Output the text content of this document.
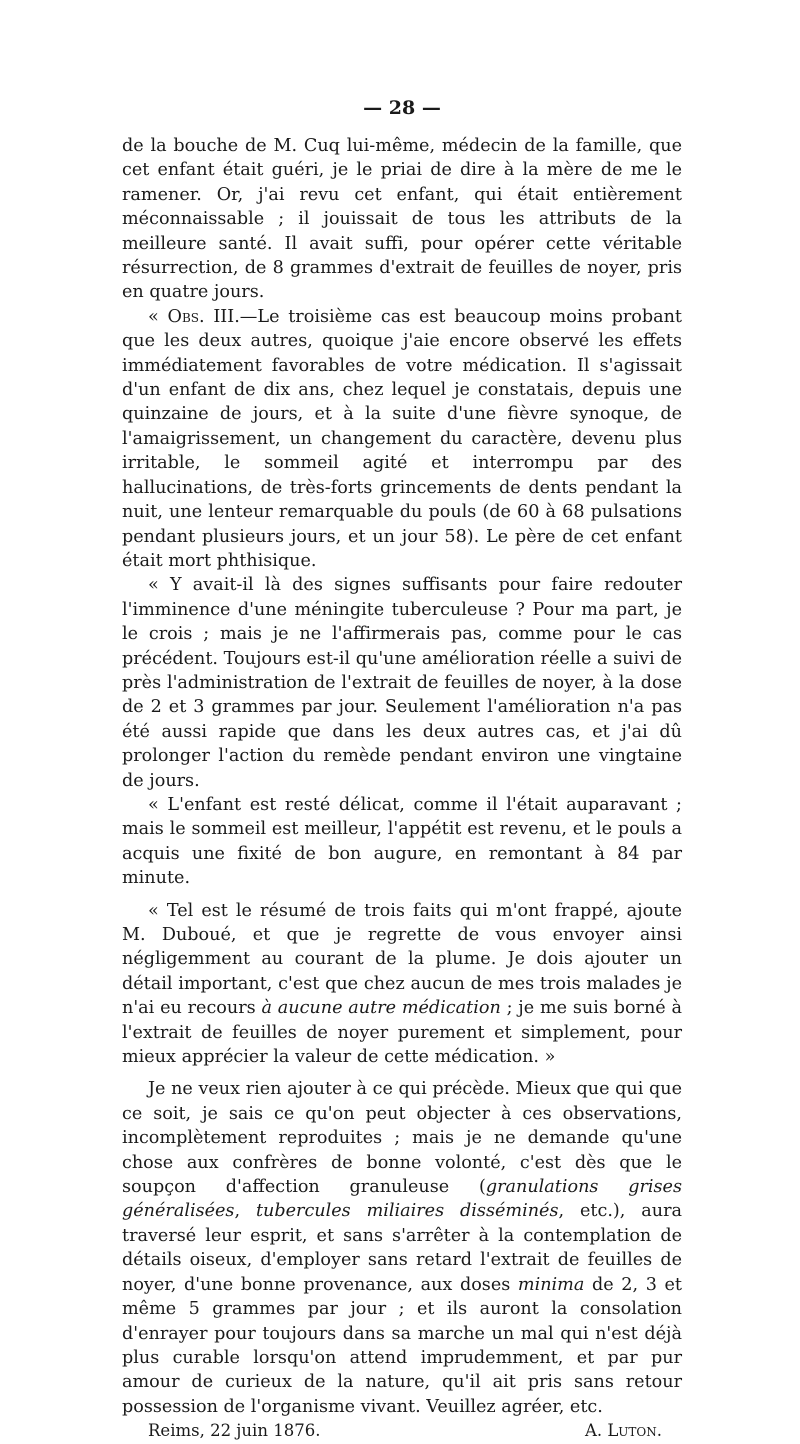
— 28 —

de la bouche de M. Cuq lui-même, médecin de la famille, que cet enfant était guéri, je le priai de dire à la mère de me le ramener. Or, j'ai revu cet enfant, qui était entièrement méconnaissable ; il jouissait de tous les attributs de la meilleure santé. Il avait suffi, pour opérer cette véritable résurrection, de 8 grammes d'extrait de feuilles de noyer, pris en quatre jours.

« Obs. III.—Le troisième cas est beaucoup moins probant que les deux autres, quoique j'aie encore observé les effets immédiatement favorables de votre médication. Il s'agissait d'un enfant de dix ans, chez lequel je constatais, depuis une quinzaine de jours, et à la suite d'une fièvre synoque, de l'amaigrissement, un changement du caractère, devenu plus irritable, le sommeil agité et interrompu par des hallucinations, de très-forts grincements de dents pendant la nuit, une lenteur remarquable du pouls (de 60 à 68 pulsations pendant plusieurs jours, et un jour 58). Le père de cet enfant était mort phthisique.

« Y avait-il là des signes suffisants pour faire redouter l'imminence d'une méningite tuberculeuse ? Pour ma part, je le crois ; mais je ne l'affirmerais pas, comme pour le cas précédent. Toujours est-il qu'une amélioration réelle a suivi de près l'administration de l'extrait de feuilles de noyer, à la dose de 2 et 3 grammes par jour. Seulement l'amélioration n'a pas été aussi rapide que dans les deux autres cas, et j'ai dû prolonger l'action du remède pendant environ une vingtaine de jours.

« L'enfant est resté délicat, comme il l'était auparavant ; mais le sommeil est meilleur, l'appétit est revenu, et le pouls a acquis une fixité de bon augure, en remontant à 84 par minute.

« Tel est le résumé de trois faits qui m'ont frappé, ajoute M. Duboué, et que je regrette de vous envoyer ainsi négligemment au courant de la plume. Je dois ajouter un détail important, c'est que chez aucun de mes trois malades je n'ai eu recours à aucune autre médication ; je me suis borné à l'extrait de feuilles de noyer purement et simplement, pour mieux apprécier la valeur de cette médication. »

Je ne veux rien ajouter à ce qui précède. Mieux que qui que ce soit, je sais ce qu'on peut objecter à ces observations, incomplètement reproduites ; mais je ne demande qu'une chose aux confrères de bonne volonté, c'est dès que le soupçon d'affection granuleuse (granulations grises généralisées, tubercules miliaires disséminés, etc.), aura traversé leur esprit, et sans s'arrêter à la contemplation de détails oiseux, d'employer sans retard l'extrait de feuilles de noyer, d'une bonne provenance, aux doses minima de 2, 3 et même 5 grammes par jour ; et ils auront la consolation d'enrayer pour toujours dans sa marche un mal qui n'est déjà plus curable lorsqu'on attend imprudemment, et par pur amour de curieux de la nature, qu'il ait pris sans retour possession de l'organisme vivant. Veuillez agréer, etc.

Reims, 22 juin 1876.	A. Luton.
